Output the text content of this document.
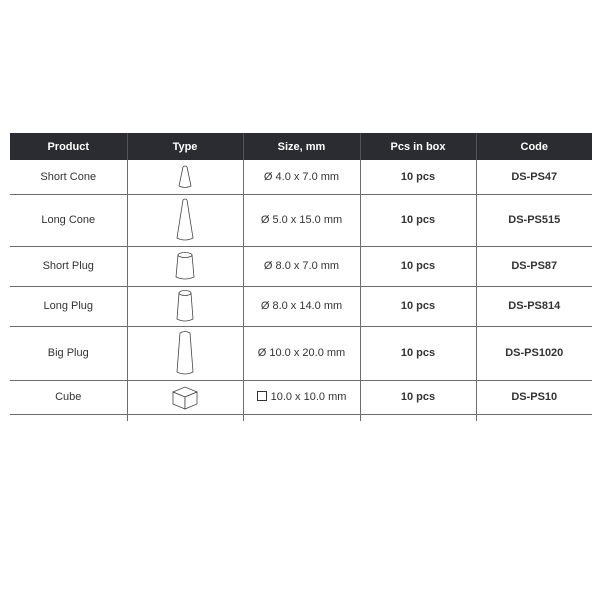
Product	Type	Size, mm	Pcs in box	Code
Short Cone		Ø 4.0 x 7.0 mm	10 pcs	DS-PS47
Long Cone		Ø 5.0 x 15.0 mm	10 pcs	DS-PS515
Short Plug		Ø 8.0 x 7.0 mm	10 pcs	DS-PS87
Long Plug		Ø 8.0 x 14.0 mm	10 pcs	DS-PS814
Big Plug		Ø 10.0 x 20.0 mm	10 pcs	DS-PS1020
Cube		10.0 x 10.0 mm	10 pcs	DS-PS10
